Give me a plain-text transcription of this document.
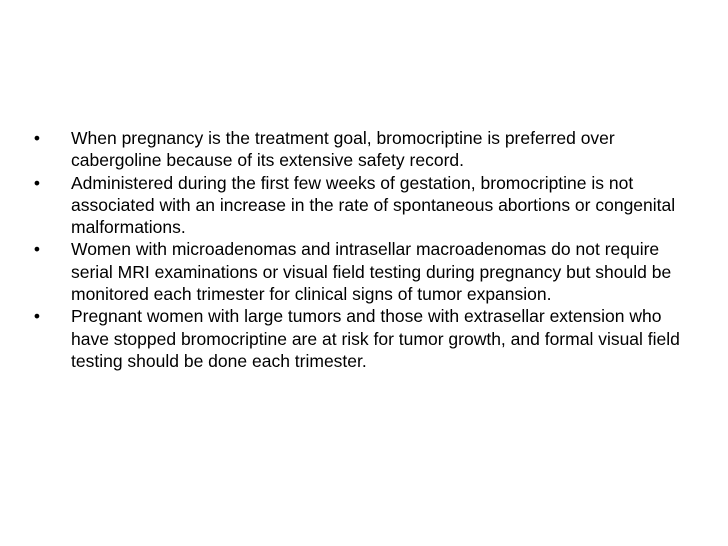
• When pregnancy is the treatment goal, bromocriptine is preferred over cabergoline because of its extensive safety record.
• Administered during the first few weeks of gestation, bromocriptine is not associated with an increase in the rate of spontaneous abortions or congenital malformations.
• Women with microadenomas and intrasellar macroadenomas do not require serial MRI examinations or visual field testing during pregnancy but should be monitored each trimester for clinical signs of tumor expansion.
• Pregnant women with large tumors and those with extrasellar extension who have stopped bromocriptine are at risk for tumor growth, and formal visual field testing should be done each trimester.
